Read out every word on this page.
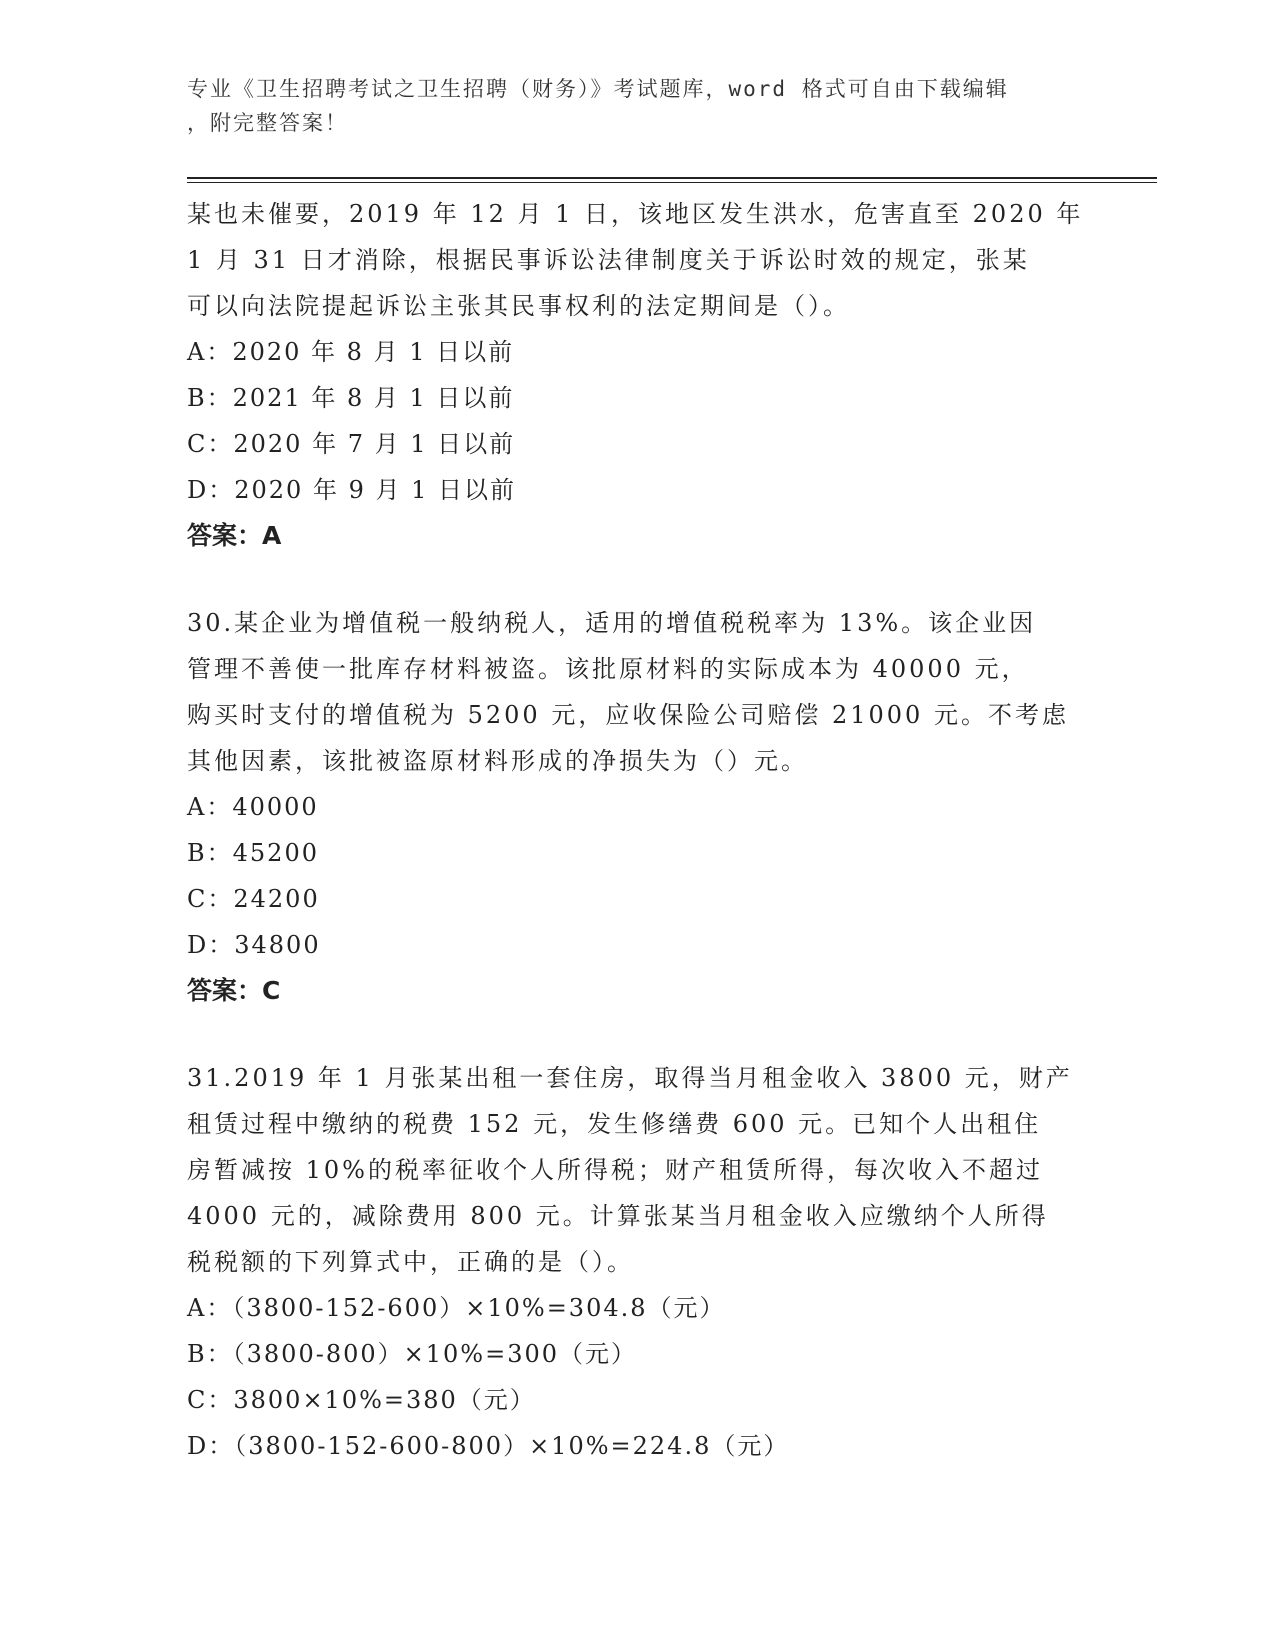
专业《卫生招聘考试之卫生招聘（财务）》考试题库，word 格式可自由下载编辑
，附完整答案！

某也未催要，2019 年 12 月 1 日，该地区发生洪水，危害直至 2020 年

1 月 31 日才消除，根据民事诉讼法律制度关于诉讼时效的规定，张某

可以向法院提起诉讼主张其民事权利的法定期间是（）。

A：2020 年 8 月 1 日以前

B：2021 年 8 月 1 日以前

C：2020 年 7 月 1 日以前

D：2020 年 9 月 1 日以前

答案：A

30.某企业为增值税一般纳税人，适用的增值税税率为 13%。该企业因

管理不善使一批库存材料被盗。该批原材料的实际成本为 40000 元，

购买时支付的增值税为 5200 元，应收保险公司赔偿 21000 元。不考虑

其他因素，该批被盗原材料形成的净损失为（）元。

A：40000

B：45200

C：24200

D：34800

答案：C

31.2019 年 1 月张某出租一套住房，取得当月租金收入 3800 元，财产

租赁过程中缴纳的税费 152 元，发生修缮费 600 元。已知个人出租住

房暂减按 10%的税率征收个人所得税；财产租赁所得，每次收入不超过

4000 元的，减除费用 800 元。计算张某当月租金收入应缴纳个人所得

税税额的下列算式中，正确的是（）。

A：（3800-152-600）×10%=304.8（元）

B：（3800-800）×10%=300（元）

C：3800×10%=380（元）

D：（3800-152-600-800）×10%=224.8（元）
